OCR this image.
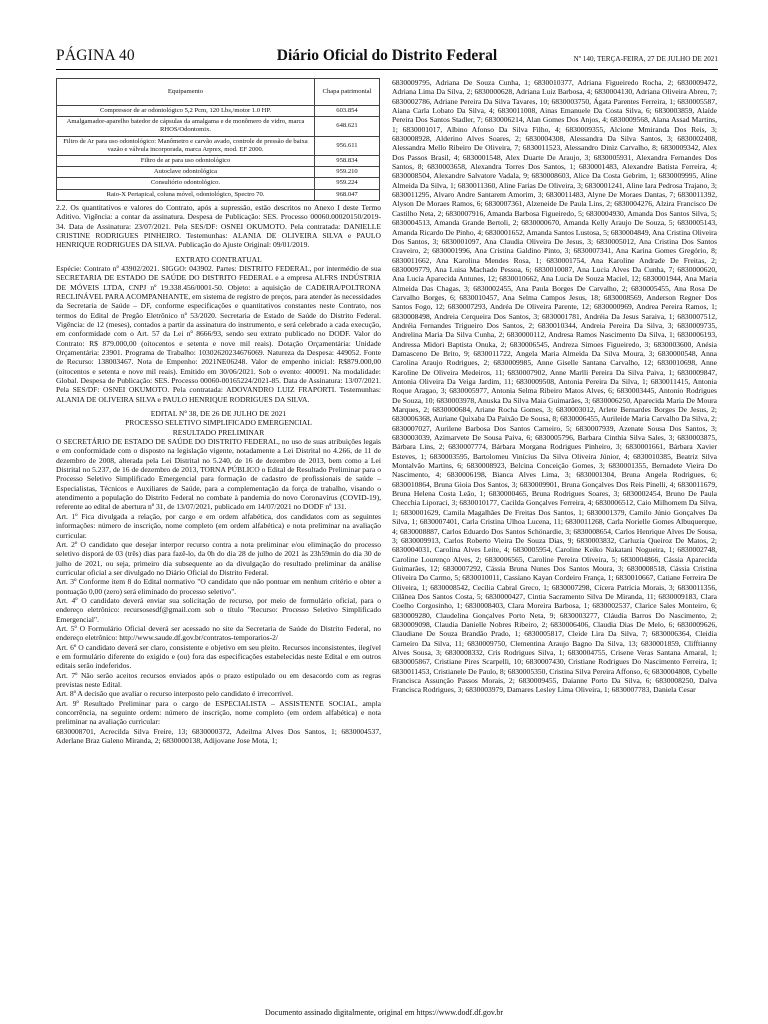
PÁGINA 40	Diário Oficial do Distrito Federal	Nº 140, TERÇA-FEIRA, 27 DE JULHO DE 2021
Equipamento	Chapa patrimonial
Compressor de ar odontológico 5,2 Pcm, 120 Lbs,/motor 1.0 HP.	603.854
Amalgamador-aparelho batedor de cápsulas da amalgama e de monômero de vidro, marca RHOS/Odontomix.	648.621
Filtro de Ar para uso odontológico: Manômetro e carvão avado, controle de pressão de baixa vazão e válvula incorporada, marca Arprex, mod. EF 2000.	956.611
Filtro de ar para uso odontológico	958.834
Autoclave odontológica	959.210
Consultório odontológico.	959.224
Raio-X Pertapical, coluna móvel, odontológico, Spectro 70.	968.047

2.2. Os quantitativos e valores do Contrato, após a supressão, estão descritos no Anexo I deste Termo Aditivo. Vigência: a contar da assinatura. Despesa de Publicação: SES. Processo 00060.00020150/2019-34. Data de Assinatura: 23/07/2021. Pela SES/DF: OSNEI OKUMOTO. Pela contratada: DANIELLE CRISTINE RODRIGUES PINHEIRO. Testemunhas: ALANIA DE OLIVEIRA SILVA e PAULO HENRIQUE RODRIGUES DA SILVA. Publicação do Ajuste Original: 09/01/2019.

EXTRATO CONTRATUAL

Espécie: Contrato nº 43902/2021. SIGGO: 043902. Partes: DISTRITO FEDERAL, por intermédio de sua SECRETARIA DE ESTADO DE SAÚDE DO DISTRITO FEDERAL e a empresa ALFRS INDÚSTRIA DE MÓVEIS LTDA, CNPJ nº 19.338.456/0001-50. Objeto: a aquisição de CADEIRA/POLTRONA RECLINÁVEL PARA ACOMPANHANTE, em sistema de registro de preços, para atender às necessidades da Secretaria de Saúde – DF, conforme especificações e quantitativos constantes neste Contrato, nos termos do Edital de Pregão Eletrônico nº 53/2020. Secretaria de Estado de Saúde do Distrito Federal. Vigência: de 12 (meses), contados a partir da assinatura do instrumento, e será celebrado a cada execução, em conformidade com o Art. 57 da Lei nº 8666/93, sendo seu extrato publicado no DODF. Valor do Contrato: R$ 879.000,00 (oitocentos e setenta e nove mil reais). Dotação Orçamentária: Unidade Orçamentária: 23901. Programa de Trabalho: 10302620234676069. Natureza da Despesa: 449052. Fonte de Recurso: 138003467. Nota de Empenho: 2021NE06248. Valor de empenho inicial: R$879.000,00 (oitocentos e setenta e nove mil reais). Emitido em 30/06/2021. Sob o evento: 400091. Na modalidade: Global. Despesa de Publicação: SES. Processo 00060-00165224/2021-85. Data de Assinatura: 13/07/2021. Pela SES/DF: OSNEI OKUMOTO. Pela contratada: ADOVANDRO LUIZ FRAPORTI. Testemunhas: ALANIA DE OLIVEIRA SILVA e PAULO HENRIQUE RODRIGUES DA SILVA.

EDITAL Nº 38, DE 26 DE JULHO DE 2021

PROCESSO SELETIVO SIMPLIFICADO EMERGENCIAL

RESULTADO PRELIMINAR

O SECRETÁRIO DE ESTADO DE SAÚDE DO DISTRITO FEDERAL, no uso de suas atribuições legais e em conformidade com o disposto na legislação vigente, notadamente a Lei Distrital no 4.266, de 11 de dezembro de 2008, alterada pela Lei Distrital no 5.240, de 16 de dezembro de 2013, bem como a Lei Distrital no 5.237, de 16 de dezembro de 2013, TORNA PÚBLICO o Edital de Resultado Preliminar para o Processo Seletivo Simplificado Emergencial para formação de cadastro de profissionais de saúde – Especialistas, Técnicos e Auxiliares de Saúde, para a complementação da força de trabalho, visando o atendimento a população do Distrito Federal no combate à pandemia do novo Coronavírus (COVID-19), referente ao edital de abertura nº 31, de 13/07/2021, publicado em 14/07/2021 no DODF nº 131.

Art. 1º Fica divulgada a relação, por cargo e em ordem alfabética, dos candidatos com as seguintes informações: número de inscrição, nome completo (em ordem alfabética) e nota preliminar na avaliação curricular.

Art. 2º O candidato que desejar interpor recurso contra a nota preliminar e/ou eliminação do processo seletivo disporá de 03 (três) dias para fazê-lo, da 0h do dia 28 de julho de 2021 às 23h59min do dia 30 de julho de 2021, ou seja, primeiro dia subsequente ao da divulgação do resultado preliminar da análise curricular oficial a ser divulgado no Diário Oficial do Distrito Federal.

Art. 3º Conforme item 8 do Edital normativo "O candidato que não pontuar em nenhum critério e obter a pontuação 0,00 (zero) será eliminado do processo seletivo".

Art. 4º O candidato deverá enviar sua solicitação de recurso, por meio de formulário oficial, para o endereço eletrônico: recursosesdf@gmail.com sob o título "Recurso: Processo Seletivo Simplificado Emergencial".

Art. 5º O Formulário Oficial deverá ser acessado no site da Secretaria de Saúde do Distrito Federal, no endereço eletrônico: http://www.saude.df.gov.br/contratos-temporarios-2/

Art. 6º O candidato deverá ser claro, consistente e objetivo em seu pleito. Recursos inconsistentes, ilegível e em formulário diferente do exigido e (ou) fora das especificações estabelecidas neste Edital e em outros editais serão indeferidos.

Art. 7º Não serão aceitos recursos enviados após o prazo estipulado ou em desacordo com as regras previstas neste Edital.

Art. 8º A decisão que avaliar o recurso interposto pelo candidato é irrecorrível.

Art. 9º Resultado Preliminar para o cargo de ESPECIALISTA – ASSISTENTE SOCIAL, ampla concorrência, na seguinte ordem: número de inscrição, nome completo (em ordem alfabética) e nota preliminar na avaliação curricular:

6830008701, Acrecilda Silva Freire, 13; 6830000372, Adeilma Alves Dos Santos, 1; 6830004537, Aderlane Braz Galeno Miranda, 2; 6830000138, Adijovane Jose Mota, 1;

6830009795, Adriana De Souza Cunha, 1; 6830010377, Adriana Figueiredo Rocha, 2; 6830009472, Adriana Lima Da Silva, 2; 6830000628, Adriana Luiz Barbosa, 4; 6830004130, Adriana Oliveira Abreu, 7; 6830002786, Adriane Pereira Da Silva Tavares, 10; 6830003750, Ágata Parentes Ferreira, 1; 6830005587, Aiana Carla Lobato Da Silva, 4; 6830011008, Ainas Emanuele Da Costa Silva, 6; 6830003859, Alaíde Pereira Dos Santos Stadler, 7; 6830006214, Alan Gomes Dos Anjos, 4; 6830009568, Alana Assad Martins, 1; 6830001017, Albino Afonso Da Silva Filho, 4; 6830009355, Alcione Mmiranda Dos Reis, 3; 6830008928, Alderino Alves Soares, 2; 6830004308, Alessandra Da Silva Santos, 3; 6830002408, Alessandra Mello Ribeiro De Oliveira, 7; 6830011523, Alessandro Diniz Carvalho, 8; 6830009342, Alex Dos Passos Brasil, 4; 6830001548, Alex Duarte De Araujo, 3; 6830005931, Alexandra Fernandes Dos Santos, 8; 6830003658, Alexandra Torres Dos Santos, 1; 6830001483, Alexandre Batista Ferreira, 4; 6830008504, Alexandre Salvatore Vadala, 9; 6830008603, Alice Da Costa Gebrim, 1; 6830009995, Aline Almeida Da Silva, 1; 6830011360, Aline Farias De Oliveira, 3; 6830001241, Aline Iara Pedrosa Trajano, 3; 6830011295, Alvaro Andre Santarem Amorim, 3; 6830011483, Alyne De Moraes Dantas, 7; 6830011392, Alyson De Moraes Ramos, 6; 6830007361, Alzeneide De Paula Lins, 2; 6830004276, Alzira Francisco De Castilho Neta, 2; 6830007916, Amanda Barbosa Figueiredo, 5; 6830004930, Amanda Dos Santos Silva, 5; 6830004513, Amanda Grande Bertoli, 2; 6830000670, Amanda Kelly Araujo De Souza, 5; 6830005143, Amanda Ricardo De Pinho, 4; 6830001652, Amanda Santos Lustosa, 5; 6830004849, Ana Cristina Oliveira Dos Santos, 3; 6830001097, Ana Claudia Oliveira De Jesus, 3; 6830005012, Ana Cristina Dos Santos Craveiro, 2; 6830001996, Ana Cristina Galdino Pinto, 3; 6830007341, Ana Karina Gomes Gregório, 8; 6830011662, Ana Karolina Mendes Rosa, 1; 6830001754, Ana Karoline Andrade De Freitas, 2; 6830009779, Ana Luisa Machado Pessoa, 6; 6830010087, Ana Lucia Alves Da Cunha, 7; 6830000620, Ana Lucia Aparecida Antunes, 12; 6830010662, Ana Lucia De Souza Maciel, 12; 6830001944, Ana Maria Almeida Das Chagas, 3; 6830002455, Ana Paula Borges De Carvalho, 2; 6830005455, Ana Rosa De Carvalho Borges, 6; 6830010457, Ana Selma Campos Jesus, 18; 6830008569, Anderson Regner Dos Santos Fogo, 12; 6830007293, Andréa De Oliveira Parente, 12; 6830000969, Andrea Pereira Ramos, 1; 6830008498, Andreia Cerqueira Dos Santos, 3; 6830001781, Andréia Da Jesus Saraiva, 1; 6830007512, Andréia Fernandes Trigueiro Dos Santos, 2; 6830010344, Andreia Pereira Da Silva, 3; 6830009735, Andrelina Maria Da Silva Cunha, 2; 6830000112, Andresa Ramos Nascimento Da Silva, 1; 6830006193, Andressa Midori Baptista Onuka, 2; 6830006545, Andreza Simoes Figueiredo, 3; 6830003600, Anésia Damasceno De Brito, 9; 6830011722, Angela Maria Almeida Da Silva Moura, 3; 6830000548, Anna Carolina Araujo Rodrigues, 2; 6830009985, Anne Giselle Santana Carvalho, 12; 6830010698, Anne Karoline De Oliveira Medeiros, 11; 6830007902, Anne Marlli Pereira Da Silva Paiva, 1; 6830009847, Antonia Oliveira Da Veiga Jardim, 11; 6830009508, Antonia Pereira Da Silva, 1; 6830011415, Antonia Roque Aragao, 3; 6830005977, Antonia Selma Ribeiro Matos Alves, 6; 6830003445, Antonio Rodrigues De Souza, 10; 6830003978, Anuska Da Silva Maia Guimarães, 3; 6830006250, Aparecida Maria De Moura Marques, 2; 6830000684, Ariane Rocha Gomes, 3; 6830003012, Arlete Bernardes Borges De Jesus, 2; 6830006368, Auriane Quixaba Da Paixão De Sousa, 8; 6830006455, Aurileide Maria Carvalho Da Silva, 2; 6830007027, Aurilene Barbosa Dos Santos Carneiro, 5; 6830007939, Azenate Sousa Dos Santos, 3; 6830003039, Azimarvete De Sousa Paiva, 6; 6830005796, Barbara Cinthia Silva Sales, 3; 6830003875, Bárbara Lins, 2; 6830007774, Bárbara Morgana Rodrigues Pinheiro, 3; 6830001661, Bárbara Xavier Esteves, 1; 6830003595, Bartolomeu Vinícius Da Silva Oliveira Júnior, 4; 6830010385, Beatriz Silva Montalvão Martins, 6; 6830008923, Belcina Conceição Gomes, 3; 6830001355, Bernadete Vieira Do Nascimento, 4; 6830006198, Bianca Alves Lima, 3; 6830001304, Bruna Angela Rodrigues, 6; 6830010864, Bruna Gioia Dos Santos, 3; 6830009901, Bruna Gonçalves Dos Reis Pinelli, 4; 6830011679, Bruna Helena Costa Leão, 1; 6830000465, Bruna Rodrigues Soares, 3; 6830002454, Bruno De Paula Checchia Liporaci, 3; 6830010177, Cacilda Gonçalves Ferreira, 4; 6830006512, Caio Milhomem Da Silva, 1; 6830001629, Camila Magalhães De Freitas Dos Santos, 1; 6830001379, Camilo Júnio Gonçalves Da Silva, 1; 6830007401, Carla Cristina Ulhoa Lucena, 11; 6830011268, Carla Norielle Gomes Albuquerque, 4; 6830008887, Carlos Eduardo Dos Santos Schönardie, 3; 6830008654, Carlos Henrique Alves De Sousa, 3; 6830009913, Carlos Roberto Vieira De Souza Dias, 9; 6830003832, Carluzia Queiroz De Matos, 2; 6830004031, Carolina Alves Leite, 4; 6830005954, Caroline Keiko Nakatani Nogueira, 1; 6830002748, Caroline Lourenço Alves, 2; 6830006565, Caroline Pereira Oliveira, 5; 6830004866, Cássia Aparecida Guimarães, 12; 6830007292, Cássia Bruna Nunes Dos Santos Moura, 3; 6830008518, Cássia Cristina Oliveira Do Carmo, 5; 6830010011, Cassiano Kayan Cordeiro França, 1; 6830010667, Catiane Ferreira De Oliveira, 1; 6830008542, Cecília Cabral Greco, 1; 6830007298, Cícera Patrícia Morais, 3; 6830011356, Cilânea Dos Santos Costa, 5; 6830000427, Cintia Sacramento Silva De Miranda, 11; 6830009183, Clara Coelho Corgosinho, 1; 6830008403, Clara Moreira Barbosa, 1; 6830002537, Clarice Sales Monteiro, 6; 6830009280, Claudelina Gonçalves Porto Neta, 9; 6830003277, Cláudia Barros Do Nascimento, 2; 6830009098, Claudia Danielle Nobres Ribeiro, 2; 6830006406, Claudia Dias De Melo, 6; 6830009626, Claudiane De Souza Brandão Prado, 1; 6830005817, Cleide Lira Da Silva, 7; 6830006364, Cleidia Carneiro Da Silva, 11; 6830009750, Clementina Araujo Bagno Da Silva, 13; 6830001859, Clifftianny Alves Sousa, 3; 6830008332, Cris Rodrigues Silva, 1; 6830004755, Crisene Veras Santana Amaral, 1; 6830005867, Cristiane Pires Scarpelli, 10; 6830007430, Cristiane Rodrigues Do Nascimento Ferreira, 1; 6830011453, Cristianele De Paulo, 8; 6830005350, Cristina Silva Pereira Affonso, 6; 6830004808, Cybelle Francisca Assunção Passos Morais, 2; 6830009455, Daianne Porto Da Silva, 6; 6830008250, Dalva Francisca Rodrigues, 3; 6830003979, Damares Lesley Lima Oliveira, 1; 6830007783, Daniela Cesar

Documento assinado digitalmente, original em https://www.dodf.df.gov.br
